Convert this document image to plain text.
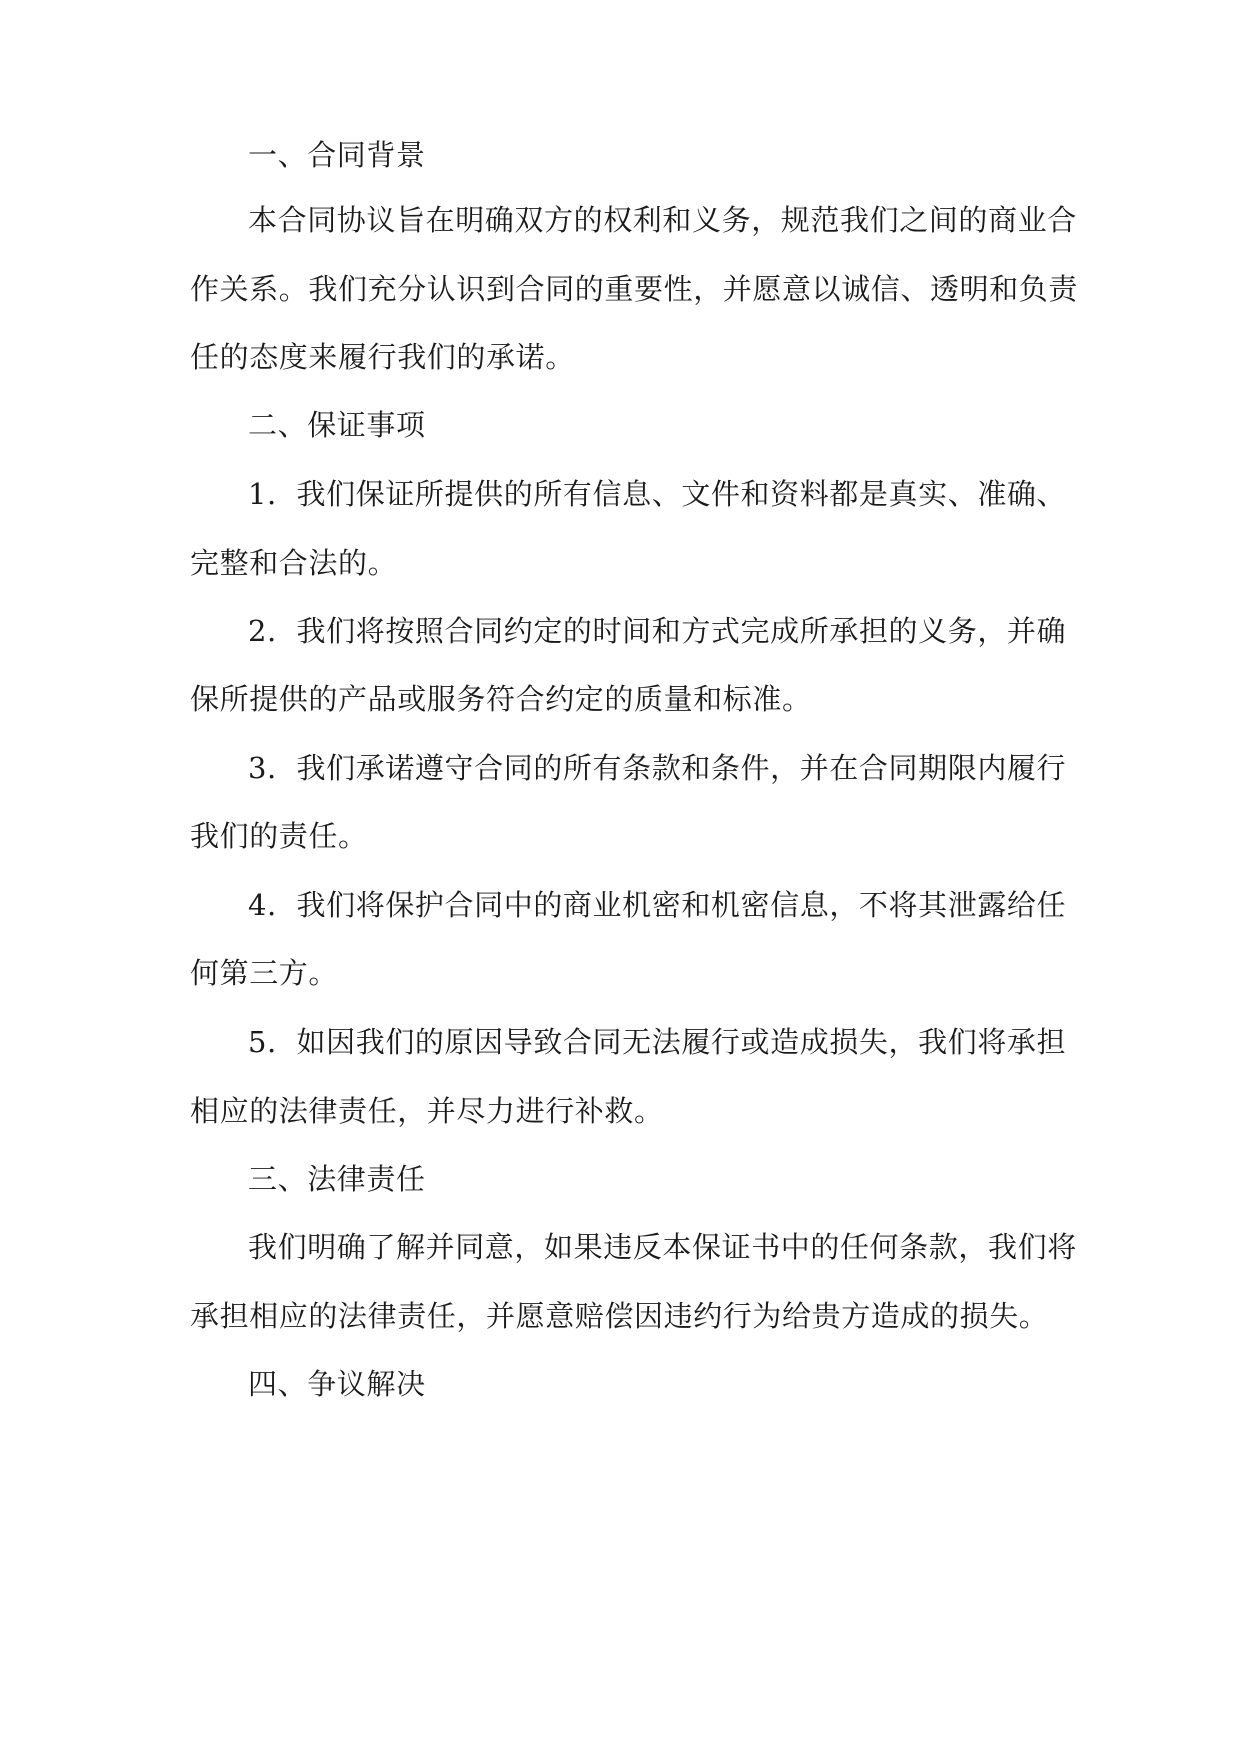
一、合同背景
本合同协议旨在明确双方的权利和义务，规范我们之间的商业合
作关系。我们充分认识到合同的重要性，并愿意以诚信、透明和负责
任的态度来履行我们的承诺。
二、保证事项
1. 我们保证所提供的所有信息、文件和资料都是真实、准确、
完整和合法的。
2. 我们将按照合同约定的时间和方式完成所承担的义务，并确
保所提供的产品或服务符合约定的质量和标准。
3. 我们承诺遵守合同的所有条款和条件，并在合同期限内履行
我们的责任。
4. 我们将保护合同中的商业机密和机密信息，不将其泄露给任
何第三方。
5. 如因我们的原因导致合同无法履行或造成损失，我们将承担
相应的法律责任，并尽力进行补救。
三、法律责任
我们明确了解并同意，如果违反本保证书中的任何条款，我们将
承担相应的法律责任，并愿意赔偿因违约行为给贵方造成的损失。
四、争议解决
